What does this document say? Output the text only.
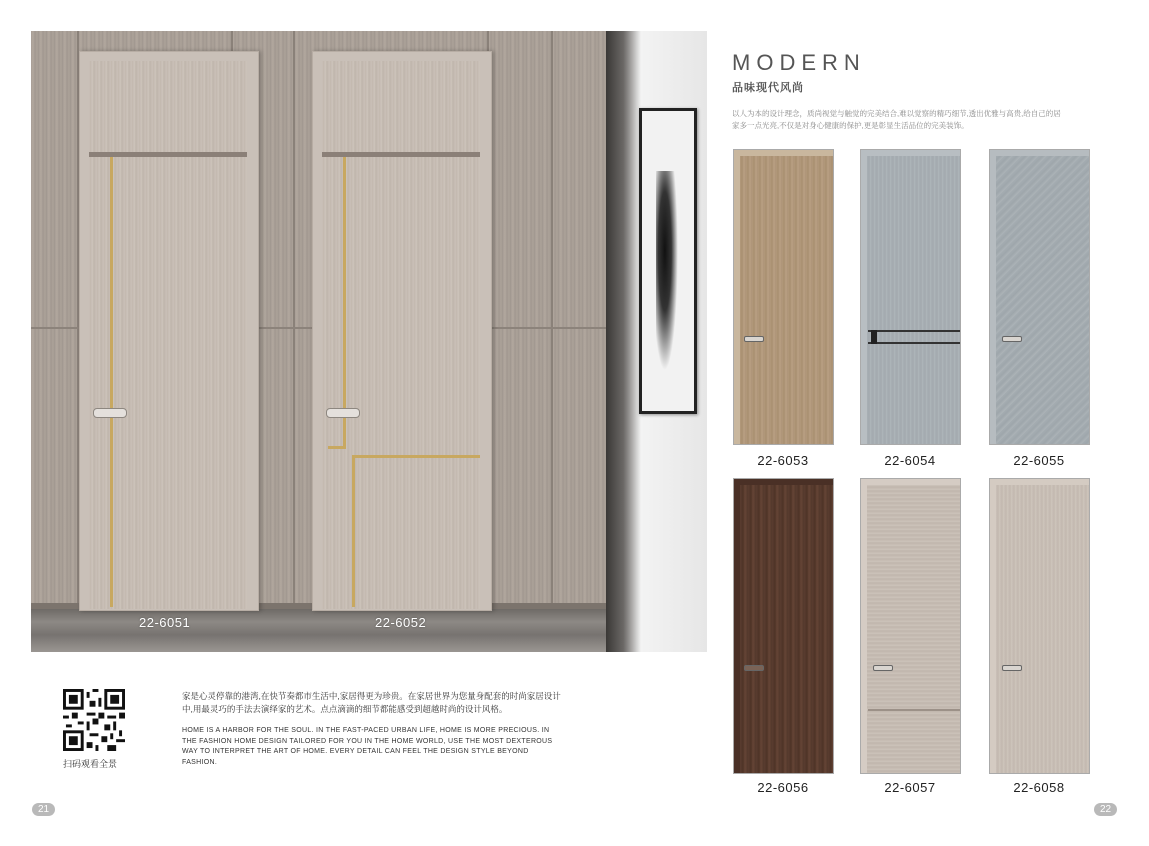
22-6051	22-6052
MODERN
品味现代风尚
以人为本的设计理念，质尚视觉与触觉的完美结合,难以觉察的精巧细节,透出优雅与高贵,给自己的居家多一点光亮,不仅是对身心健康的保护,更是彰显生活品位的完美装饰。
22-6053	22-6054	22-6055
22-6056	22-6057	22-6058
扫码观看全景
家是心灵停靠的港湾,在快节奏都市生活中,家居得更为珍贵。在家居世界为您量身配套的时尚家居设计中,用最灵巧的手法去演绎家的艺术。点点滴滴的细节都能感受到超越时尚的设计风格。
HOME IS A HARBOR FOR THE SOUL. IN THE FAST-PACED URBAN LIFE, HOME IS MORE PRECIOUS. IN THE FASHION HOME DESIGN TAILORED FOR YOU IN THE HOME WORLD, USE THE MOST DEXTEROUS WAY TO INTERPRET THE ART OF HOME. EVERY DETAIL CAN FEEL THE DESIGN STYLE BEYOND FASHION.
21	22
